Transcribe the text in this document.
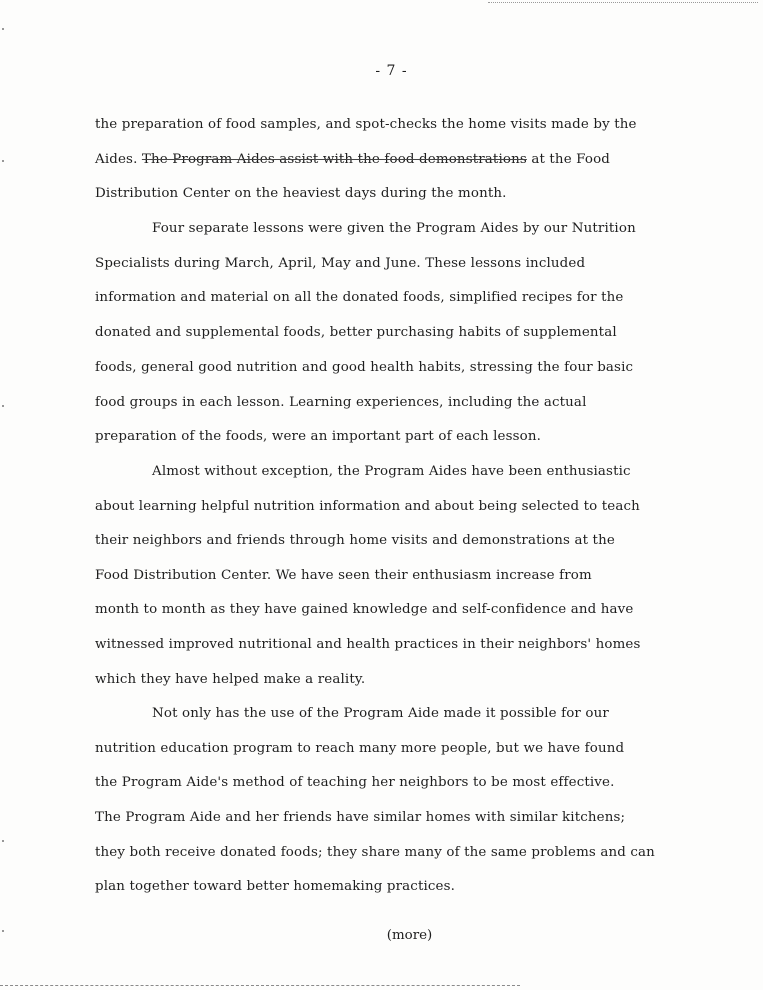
- 7 -
the preparation of food samples, and spot-checks the home visits made by the
Aides. The Program Aides assist with the food demonstrations at the Food
Distribution Center on the heaviest days during the month.
Four separate lessons were given the Program Aides by our Nutrition
Specialists during March, April, May and June. These lessons included
information and material on all the donated foods, simplified recipes for the
donated and supplemental foods, better purchasing habits of supplemental
foods, general good nutrition and good health habits, stressing the four basic
food groups in each lesson. Learning experiences, including the actual
preparation of the foods, were an important part of each lesson.
Almost without exception, the Program Aides have been enthusiastic
about learning helpful nutrition information and about being selected to teach
their neighbors and friends through home visits and demonstrations at the
Food Distribution Center. We have seen their enthusiasm increase from
month to month as they have gained knowledge and self-confidence and have
witnessed improved nutritional and health practices in their neighbors' homes
which they have helped make a reality.
Not only has the use of the Program Aide made it possible for our
nutrition education program to reach many more people, but we have found
the Program Aide's method of teaching her neighbors to be most effective.
The Program Aide and her friends have similar homes with similar kitchens;
they both receive donated foods; they share many of the same problems and can
plan together toward better homemaking practices.
(more)
